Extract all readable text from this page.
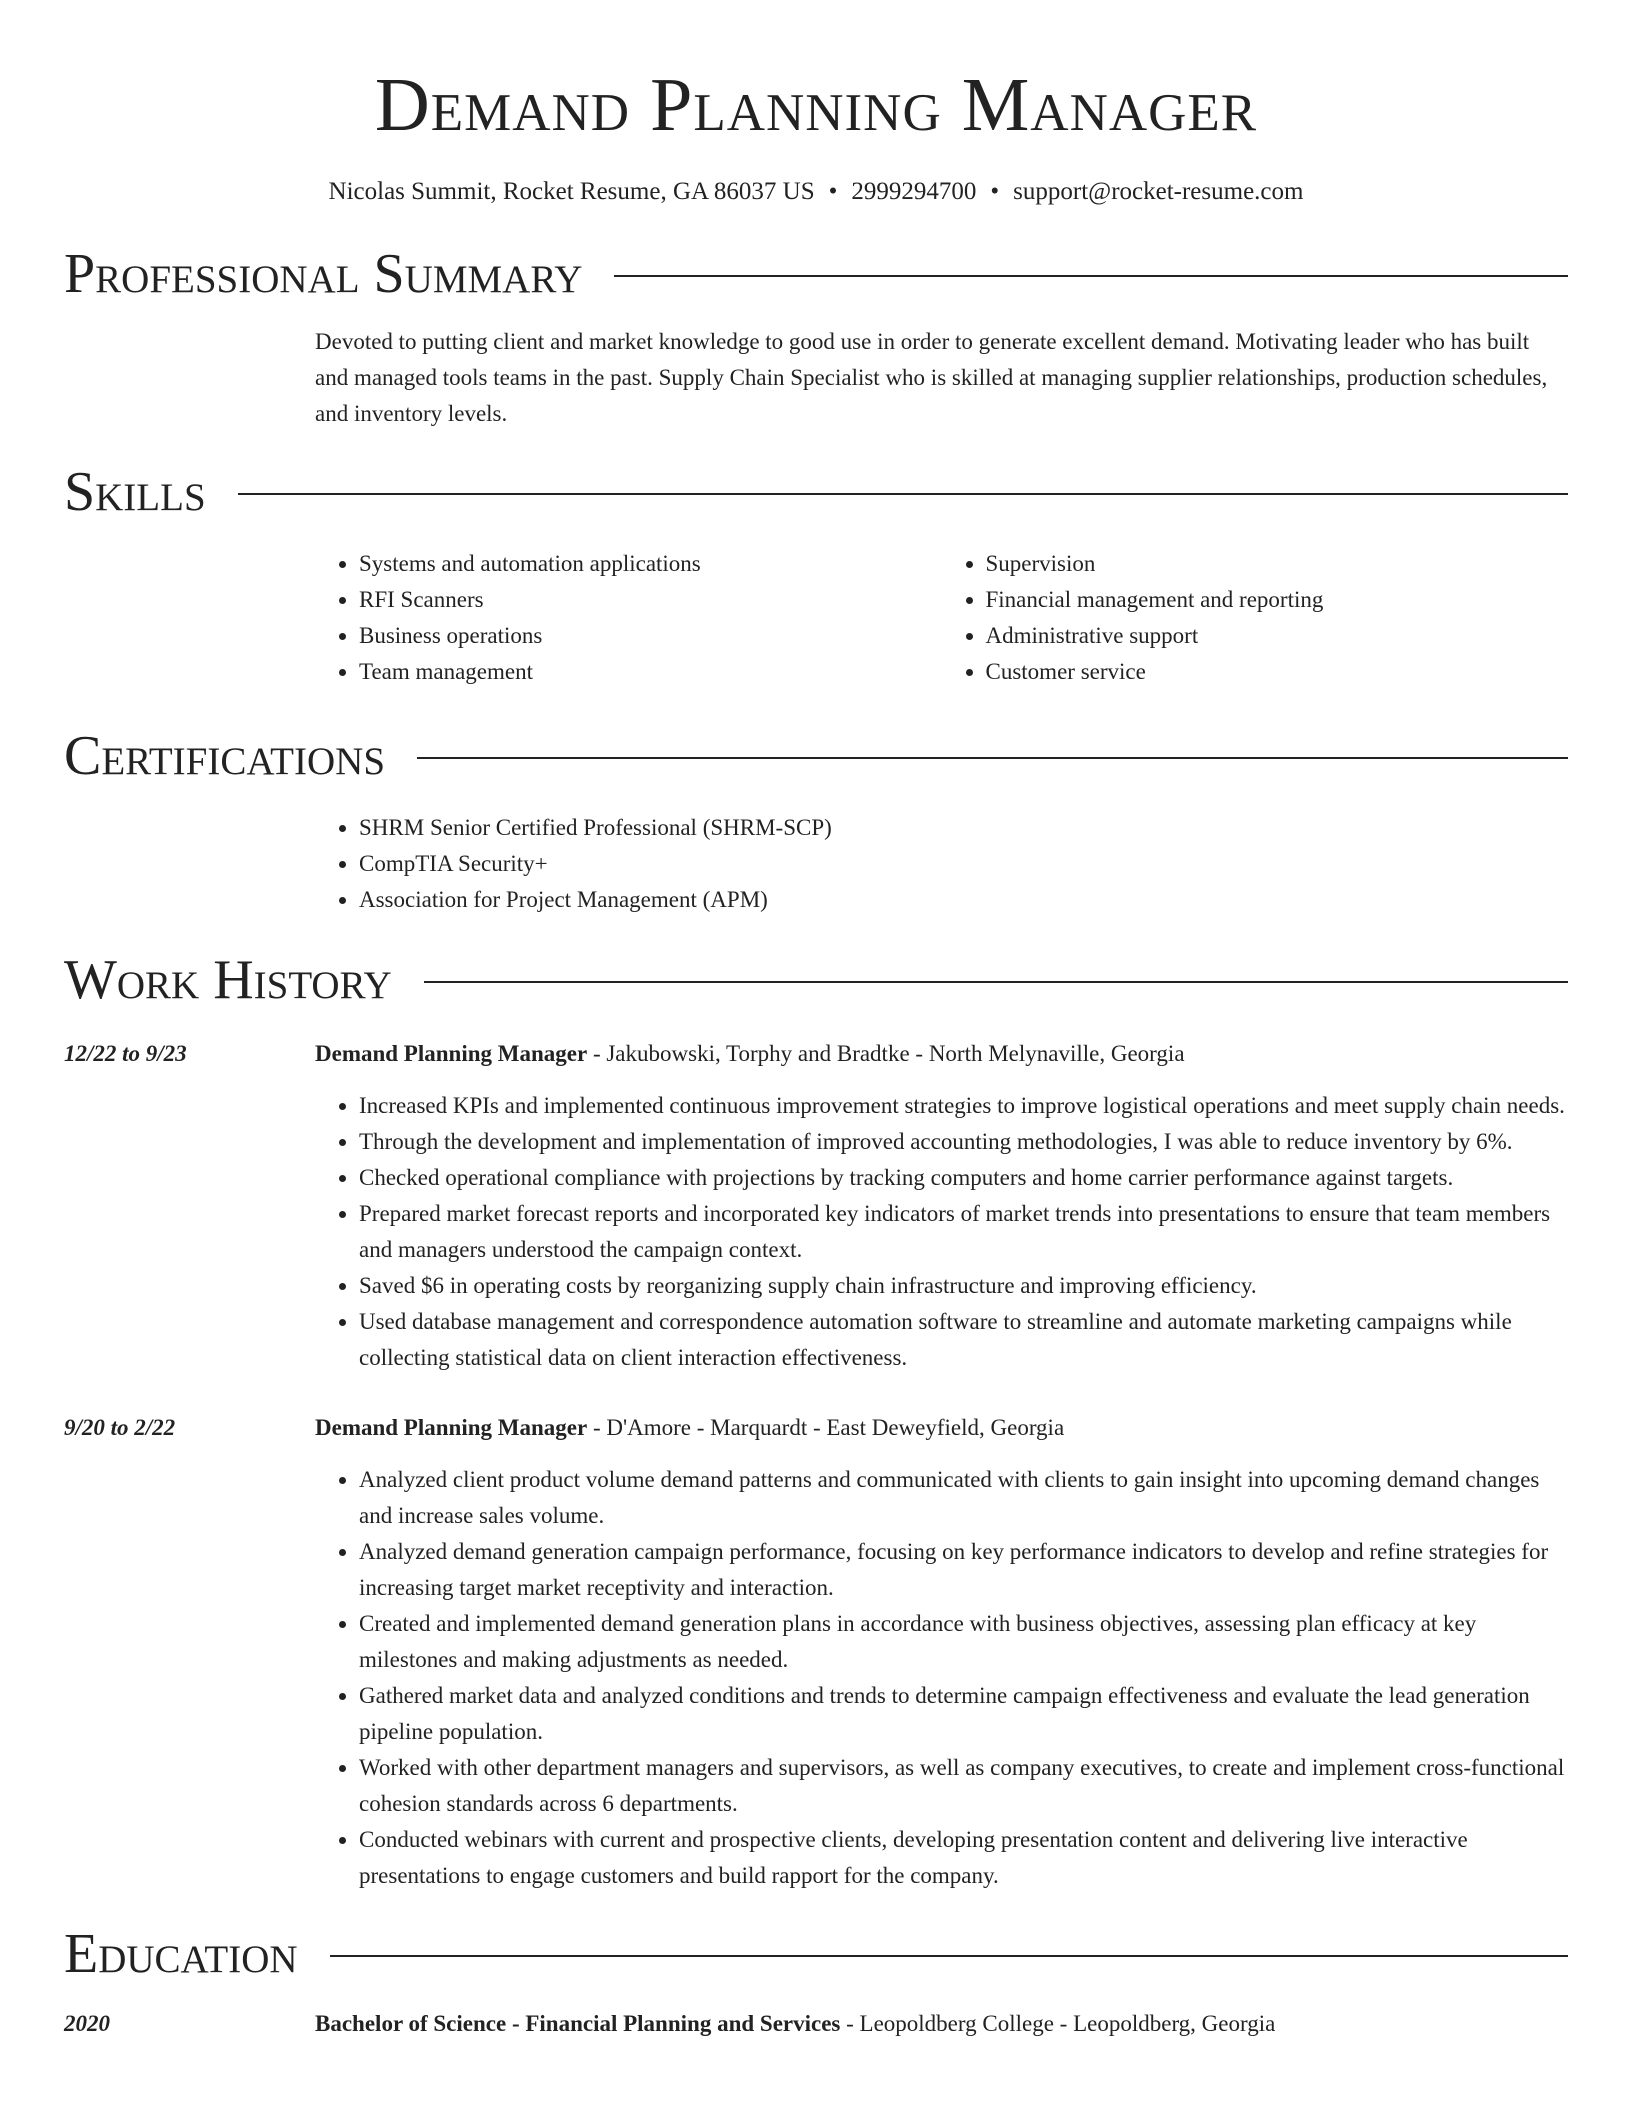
Demand Planning Manager
Nicolas Summit, Rocket Resume, GA 86037 US • 2999294700 • support@rocket-resume.com
Professional Summary
Devoted to putting client and market knowledge to good use in order to generate excellent demand. Motivating leader who has built and managed tools teams in the past. Supply Chain Specialist who is skilled at managing supplier relationships, production schedules, and inventory levels.
Skills
• Systems and automation applications
• RFI Scanners
• Business operations
• Team management
• Supervision
• Financial management and reporting
• Administrative support
• Customer service
Certifications
• SHRM Senior Certified Professional (SHRM-SCP)
• CompTIA Security+
• Association for Project Management (APM)
Work History
12/22 to 9/23	Demand Planning Manager - Jakubowski, Torphy and Bradtke - North Melynaville, Georgia
• Increased KPIs and implemented continuous improvement strategies to improve logistical operations and meet supply chain needs.
• Through the development and implementation of improved accounting methodologies, I was able to reduce inventory by 6%.
• Checked operational compliance with projections by tracking computers and home carrier performance against targets.
• Prepared market forecast reports and incorporated key indicators of market trends into presentations to ensure that team members and managers understood the campaign context.
• Saved $6 in operating costs by reorganizing supply chain infrastructure and improving efficiency.
• Used database management and correspondence automation software to streamline and automate marketing campaigns while collecting statistical data on client interaction effectiveness.
9/20 to 2/22	Demand Planning Manager - D'Amore - Marquardt - East Deweyfield, Georgia
• Analyzed client product volume demand patterns and communicated with clients to gain insight into upcoming demand changes and increase sales volume.
• Analyzed demand generation campaign performance, focusing on key performance indicators to develop and refine strategies for increasing target market receptivity and interaction.
• Created and implemented demand generation plans in accordance with business objectives, assessing plan efficacy at key milestones and making adjustments as needed.
• Gathered market data and analyzed conditions and trends to determine campaign effectiveness and evaluate the lead generation pipeline population.
• Worked with other department managers and supervisors, as well as company executives, to create and implement cross-functional cohesion standards across 6 departments.
• Conducted webinars with current and prospective clients, developing presentation content and delivering live interactive presentations to engage customers and build rapport for the company.
Education
2020	Bachelor of Science - Financial Planning and Services - Leopoldberg College - Leopoldberg, Georgia
